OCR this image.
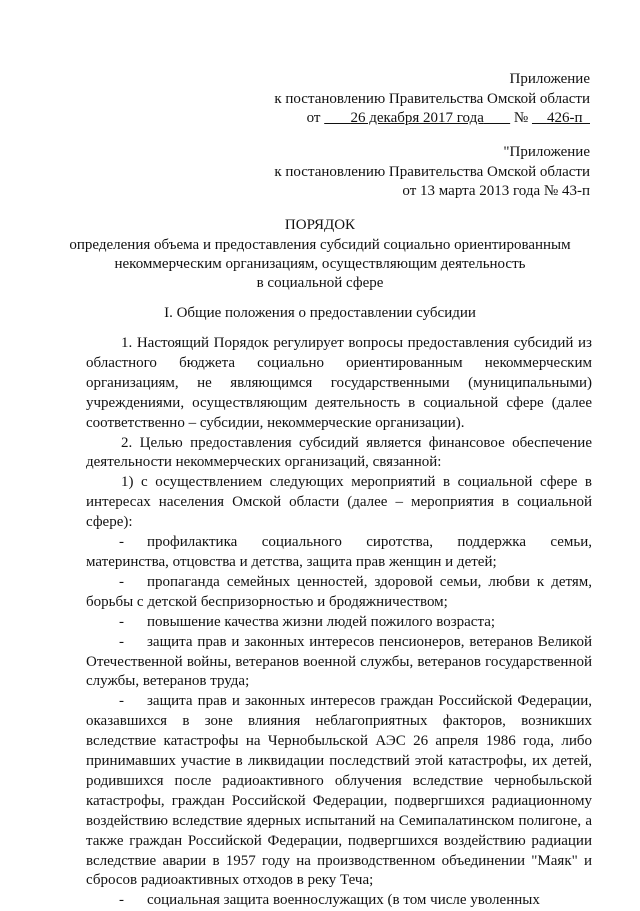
Приложение
к постановлению Правительства Омской области
от 26 декабря 2017 года № 426-п
"Приложение
к постановлению Правительства Омской области
от 13 марта 2013 года № 43-п
ПОРЯДОК
определения объема и предоставления субсидий социально ориентированным
некоммерческим организациям, осуществляющим деятельность
в социальной сфере
I. Общие положения о предоставлении субсидии

1. Настоящий Порядок регулирует вопросы предоставления субсидий из областного бюджета социально ориентированным некоммерческим организациям, не являющимся государственными (муниципальными) учреждениями, осуществляющим деятельность в социальной сфере (далее соответственно – субсидии, некоммерческие организации).

2. Целью предоставления субсидий является финансовое обеспечение деятельности некоммерческих организаций, связанной:

1) с осуществлением следующих мероприятий в социальной сфере в интересах населения Омской области (далее – мероприятия в социальной сфере):

- профилактика социального сиротства, поддержка семьи, материнства, отцовства и детства, защита прав женщин и детей;

- пропаганда семейных ценностей, здоровой семьи, любви к детям, борьбы с детской беспризорностью и бродяжничеством;

- повышение качества жизни людей пожилого возраста;

- защита прав и законных интересов пенсионеров, ветеранов Великой Отечественной войны, ветеранов военной службы, ветеранов государственной службы, ветеранов труда;

- защита прав и законных интересов граждан Российской Федерации, оказавшихся в зоне влияния неблагоприятных факторов, возникших вследствие катастрофы на Чернобыльской АЭС 26 апреля 1986 года, либо принимавших участие в ликвидации последствий этой катастрофы, их детей, родившихся после радиоактивного облучения вследствие чернобыльской катастрофы, граждан Российской Федерации, подвергшихся радиационному воздействию вследствие ядерных испытаний на Семипалатинском полигоне, а также граждан Российской Федерации, подвергшихся воздействию радиации вследствие аварии в 1957 году на производственном объединении "Маяк" и сбросов радиоактивных отходов в реку Теча;

- социальная защита военнослужащих (в том числе уволенных
